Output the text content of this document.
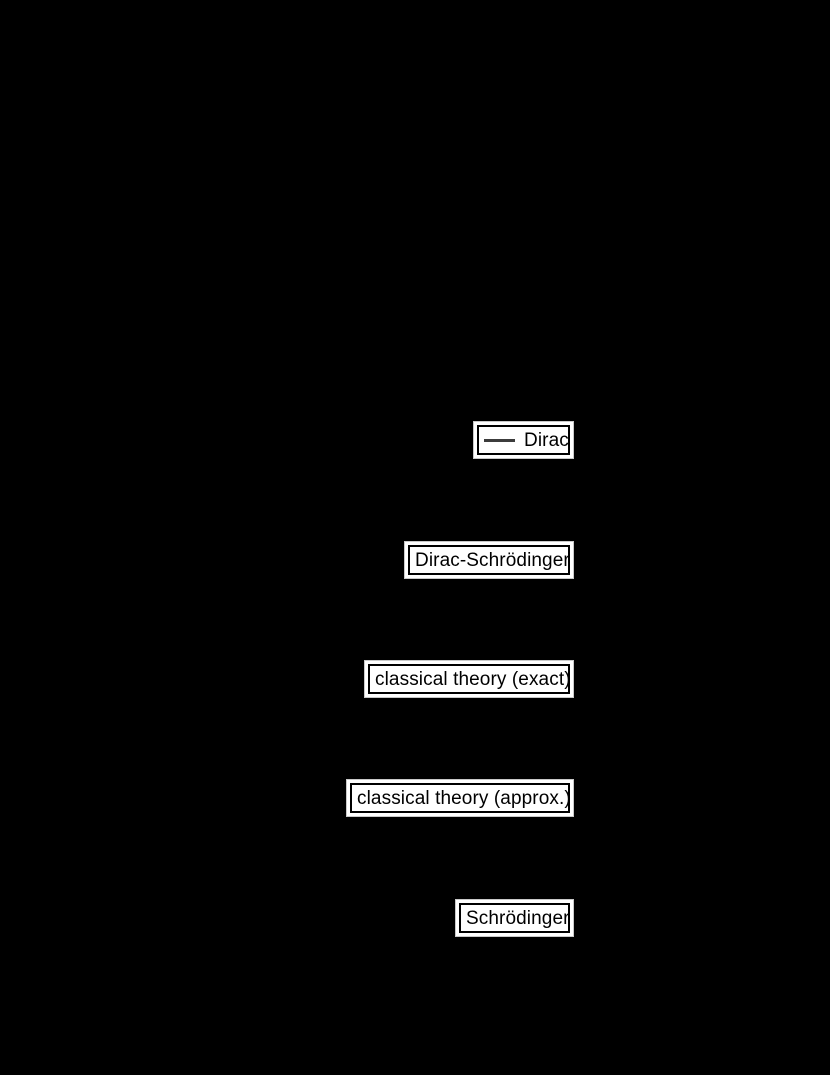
Dirac
Dirac-Schrödinger
classical theory (exact)
classical theory (approx.)
Schrödinger
